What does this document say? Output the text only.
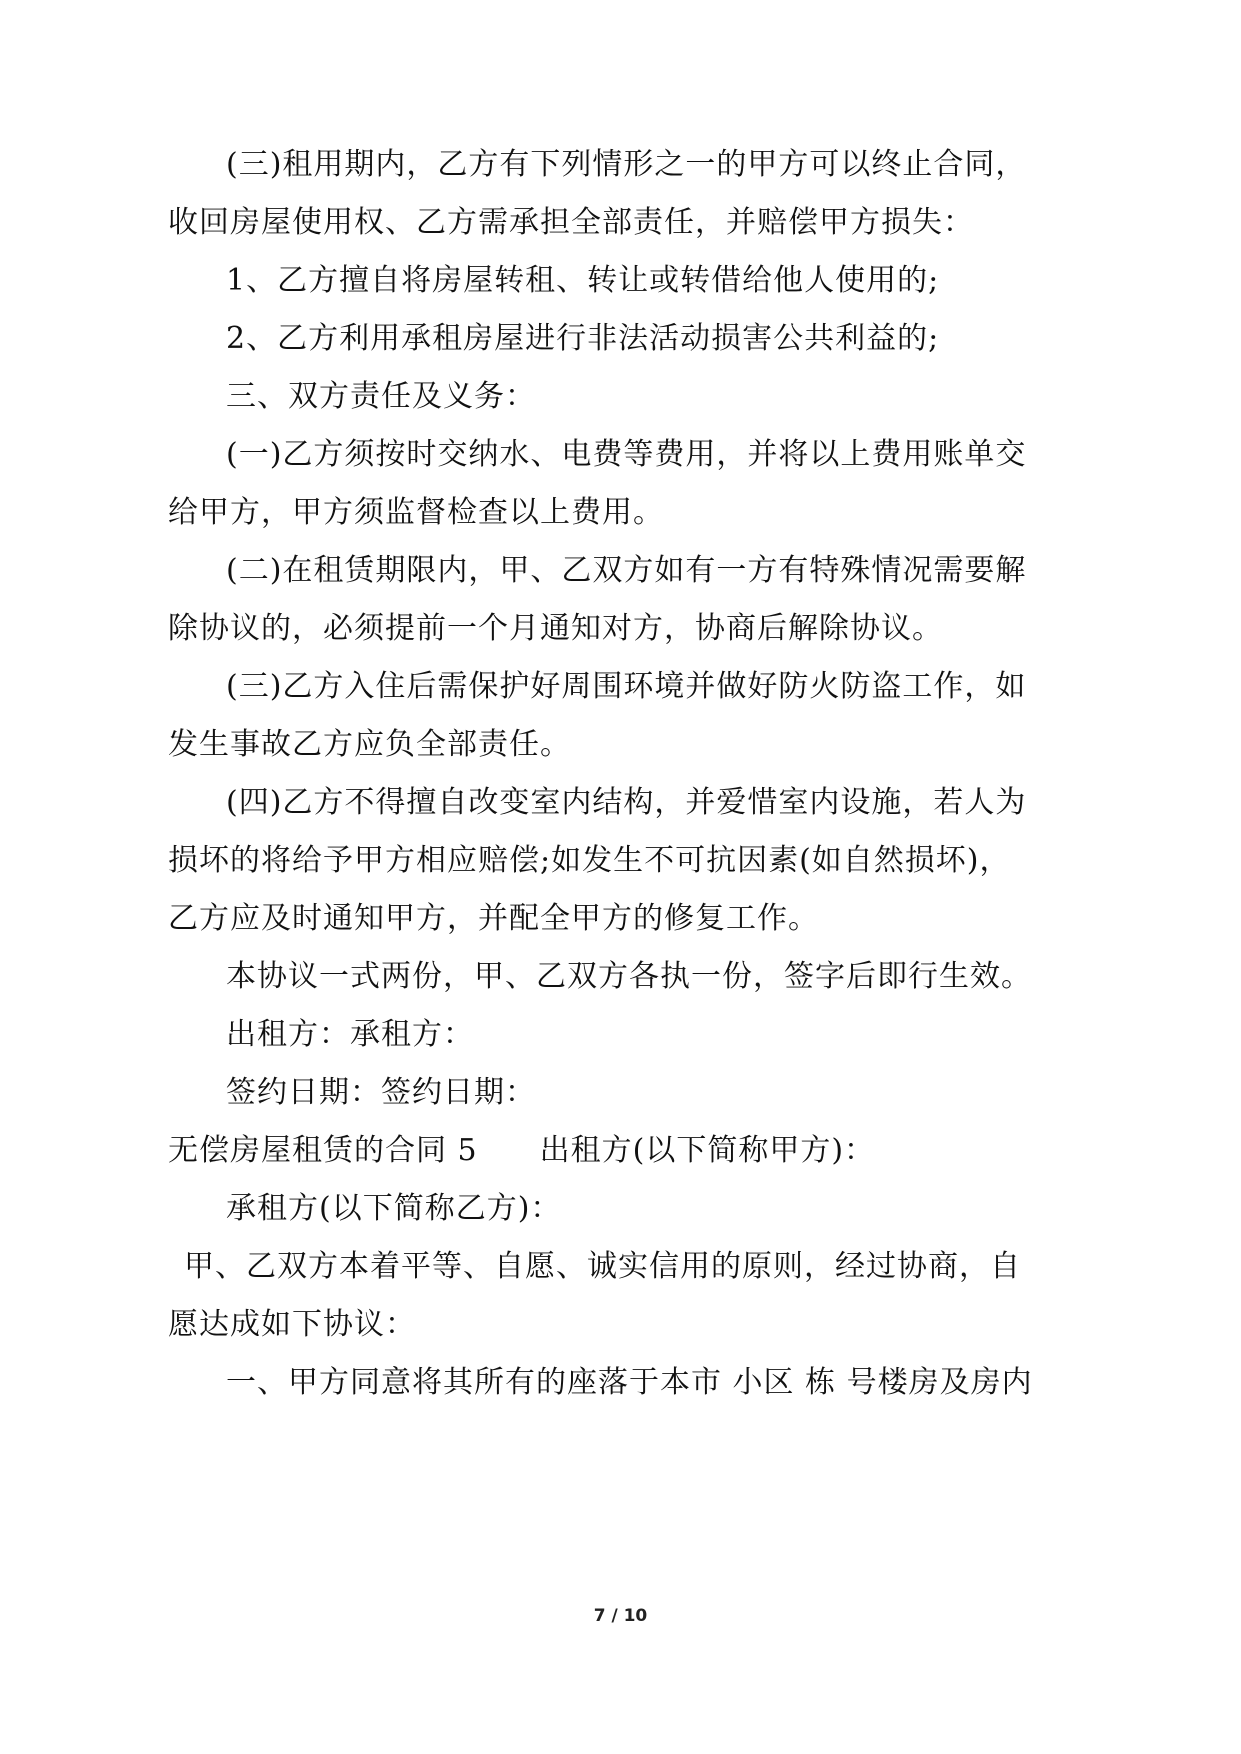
(三)租用期内，乙方有下列情形之一的甲方可以终止合同，
收回房屋使用权、乙方需承担全部责任，并赔偿甲方损失：
1、乙方擅自将房屋转租、转让或转借给他人使用的;
2、乙方利用承租房屋进行非法活动损害公共利益的;
三、双方责任及义务：
(一)乙方须按时交纳水、电费等费用，并将以上费用账单交
给甲方，甲方须监督检查以上费用。
(二)在租赁期限内，甲、乙双方如有一方有特殊情况需要解
除协议的，必须提前一个月通知对方，协商后解除协议。
(三)乙方入住后需保护好周围环境并做好防火防盗工作，如
发生事故乙方应负全部责任。
(四)乙方不得擅自改变室内结构，并爱惜室内设施，若人为
损坏的将给予甲方相应赔偿;如发生不可抗因素(如自然损坏)，
乙方应及时通知甲方，并配全甲方的修复工作。
本协议一式两份，甲、乙双方各执一份，签字后即行生效。
出租方：承租方：
签约日期：签约日期：
无偿房屋租赁的合同 5　　出租方(以下简称甲方)：
承租方(以下简称乙方)：
甲、乙双方本着平等、自愿、诚实信用的原则，经过协商，自
愿达成如下协议：
一、甲方同意将其所有的座落于本市 小区 栋 号楼房及房内
7 / 10
